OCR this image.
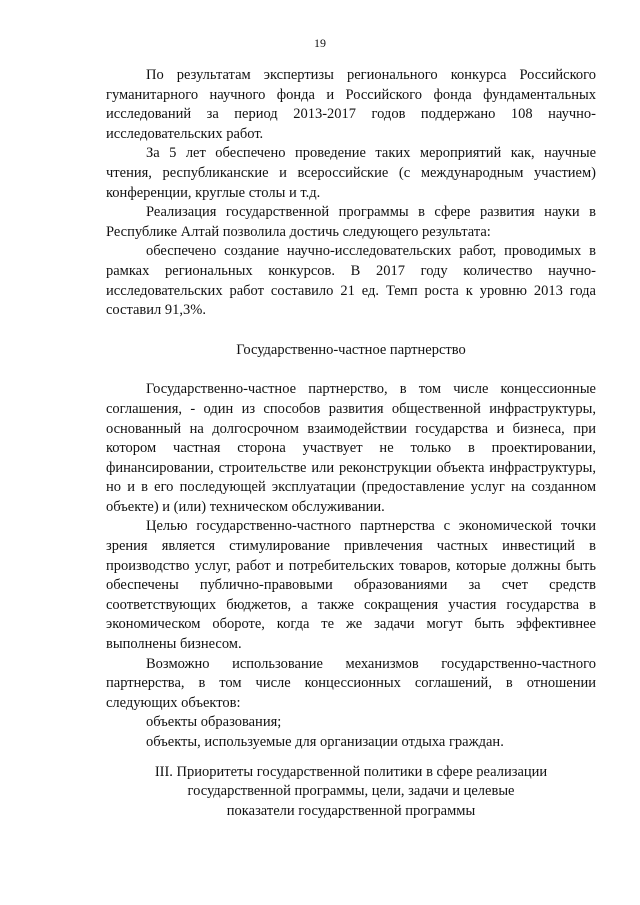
19

По результатам экспертизы регионального конкурса Российского гуманитарного научного фонда и Российского фонда фундаментальных исследований за период 2013-2017 годов поддержано 108 научно-исследовательских работ.

За 5 лет обеспечено проведение таких мероприятий как, научные чтения, республиканские и всероссийские (с международным участием) конференции, круглые столы и т.д.

Реализация государственной программы в сфере развития науки в Республике Алтай позволила достичь следующего результата:

обеспечено создание научно-исследовательских работ, проводимых в рамках региональных конкурсов. В 2017 году количество научно-исследовательских работ составило 21 ед. Темп роста к уровню 2013 года составил 91,3%.

Государственно-частное партнерство

Государственно-частное партнерство, в том числе концессионные соглашения, - один из способов развития общественной инфраструктуры, основанный на долгосрочном взаимодействии государства и бизнеса, при котором частная сторона участвует не только в проектировании, финансировании, строительстве или реконструкции объекта инфраструктуры, но и в его последующей эксплуатации (предоставление услуг на созданном объекте) и (или) техническом обслуживании.

Целью государственно-частного партнерства с экономической точки зрения является стимулирование привлечения частных инвестиций в производство услуг, работ и потребительских товаров, которые должны быть обеспечены публично-правовыми образованиями за счет средств соответствующих бюджетов, а также сокращения участия государства в экономическом обороте, когда те же задачи могут быть эффективнее выполнены бизнесом.

Возможно использование механизмов государственно-частного партнерства, в том числе концессионных соглашений, в отношении следующих объектов:

объекты образования;

объекты, используемые для организации отдыха граждан.

III. Приоритеты государственной политики в сфере реализации

государственной программы, цели, задачи и целевые

показатели государственной программы
